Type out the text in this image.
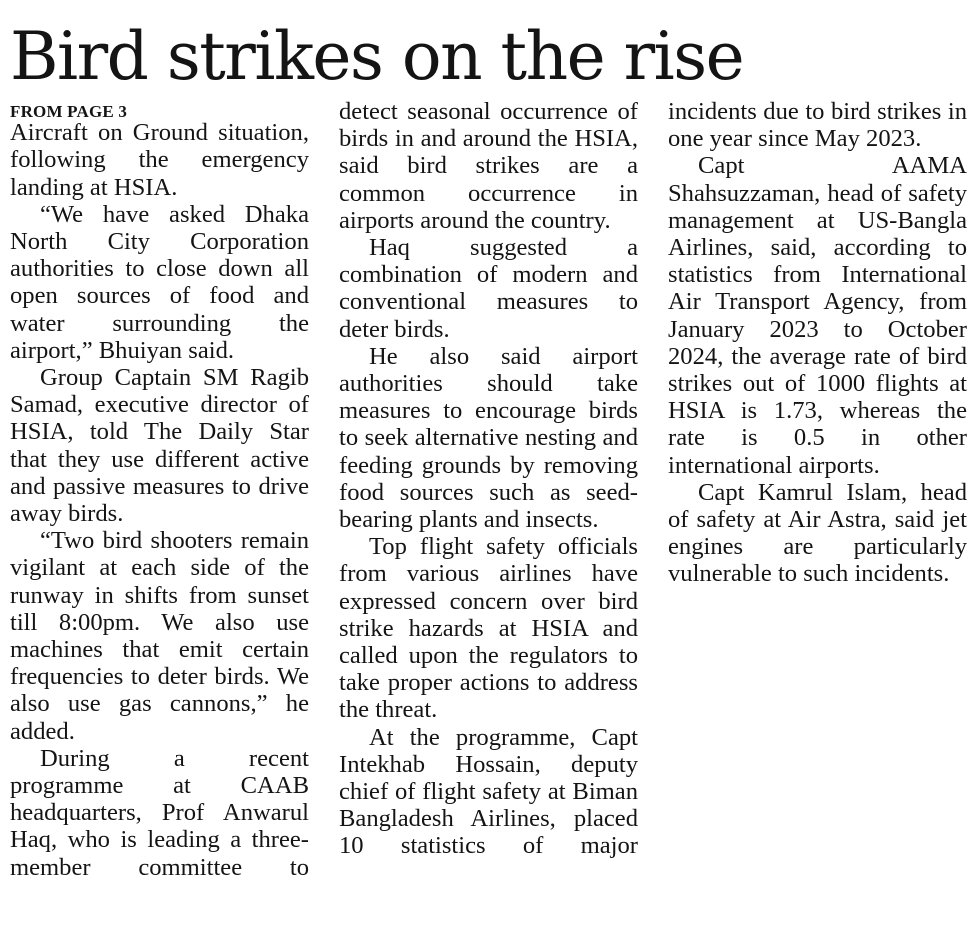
Bird strikes on the rise
FROM PAGE 3

Aircraft on Ground situation, following the emergency landing at HSIA.

“We have asked Dhaka North City Corporation authorities to close down all open sources of food and water surrounding the airport,” Bhuiyan said.

Group Captain SM Ragib Samad, executive director of HSIA, told The Daily Star that they use different active and passive measures to drive away birds.

“Two bird shooters remain vigilant at each side of the runway in shifts from sunset till 8:00pm. We also use machines that emit certain frequencies to deter birds. We also use gas cannons,” he added.

During a recent programme at CAAB headquarters, Prof Anwarul Haq, who is leading a three-member committee to

detect seasonal occurrence of birds in and around the HSIA, said bird strikes are a common occurrence in airports around the country.

Haq suggested a combination of modern and conventional measures to deter birds.

He also said airport authorities should take measures to encourage birds to seek alternative nesting and feeding grounds by removing food sources such as seed-bearing plants and insects.

Top flight safety officials from various airlines have expressed concern over bird strike hazards at HSIA and called upon the regulators to take proper actions to address the threat.

At the programme, Capt Intekhab Hossain, deputy chief of flight safety at Biman Bangladesh Airlines, placed 10 statistics of major

incidents due to bird strikes in one year since May 2023.

Capt AAMA Shahsuzzaman, head of safety management at US-Bangla Airlines, said, according to statistics from International Air Transport Agency, from January 2023 to October 2024, the average rate of bird strikes out of 1000 flights at HSIA is 1.73, whereas the rate is 0.5 in other international airports.

Capt Kamrul Islam, head of safety at Air Astra, said jet engines are particularly vulnerable to such incidents.
